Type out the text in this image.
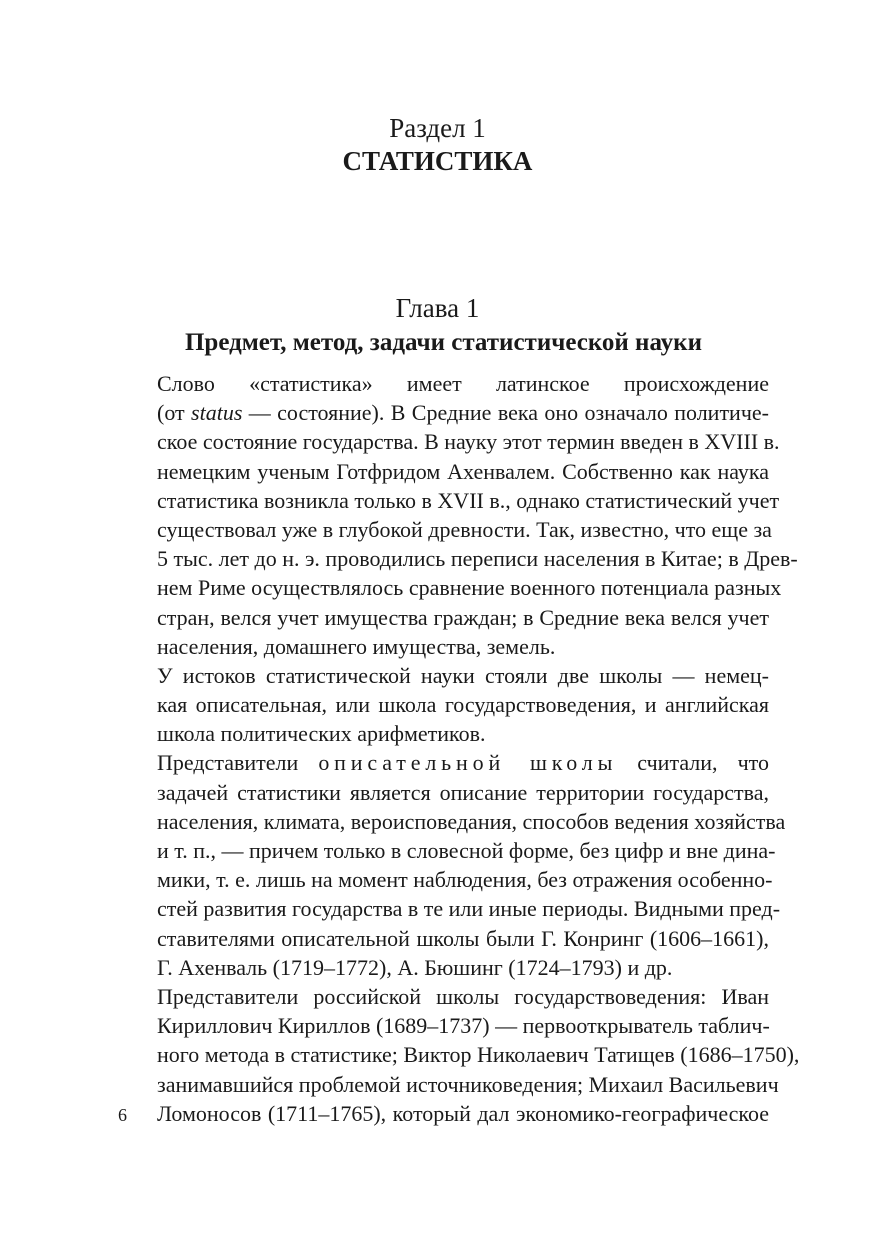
Раздел 1
СТАТИСТИКА
Глава 1
Предмет, метод, задачи статистической науки
Слово «статистика» имеет латинское происхождение
(от status — состояние). В Средние века оно означало политиче-
ское состояние государства. В науку этот термин введен в XVIII в.
немецким ученым Готфридом Ахенвалем. Собственно как наука
статистика возникла только в XVII в., однако статистический учет
существовал уже в глубокой древности. Так, известно, что еще за
5 тыс. лет до н. э. проводились переписи населения в Китае; в Древ-
нем Риме осуществлялось сравнение военного потенциала разных
стран, велся учет имущества граждан; в Средние века велся учет
населения, домашнего имущества, земель.
У истоков статистической науки стояли две школы — немец-
кая описательная, или школа государствоведения, и английская
школа политических арифметиков.
Представители описательной школы считали, что
задачей статистики является описание территории государства,
населения, климата, вероисповедания, способов ведения хозяйства
и т. п., — причем только в словесной форме, без цифр и вне дина-
мики, т. е. лишь на момент наблюдения, без отражения особенно-
стей развития государства в те или иные периоды. Видными пред-
ставителями описательной школы были Г. Конринг (1606–1661),
Г. Ахенваль (1719–1772), А. Бюшинг (1724–1793) и др.
Представители российской школы государствоведения: Иван
Кириллович Кириллов (1689–1737) — первооткрыватель таблич-
ного метода в статистике; Виктор Николаевич Татищев (1686–1750),
занимавшийся проблемой источниковедения; Михаил Васильевич
Ломоносов (1711–1765), который дал экономико-географическое
6
